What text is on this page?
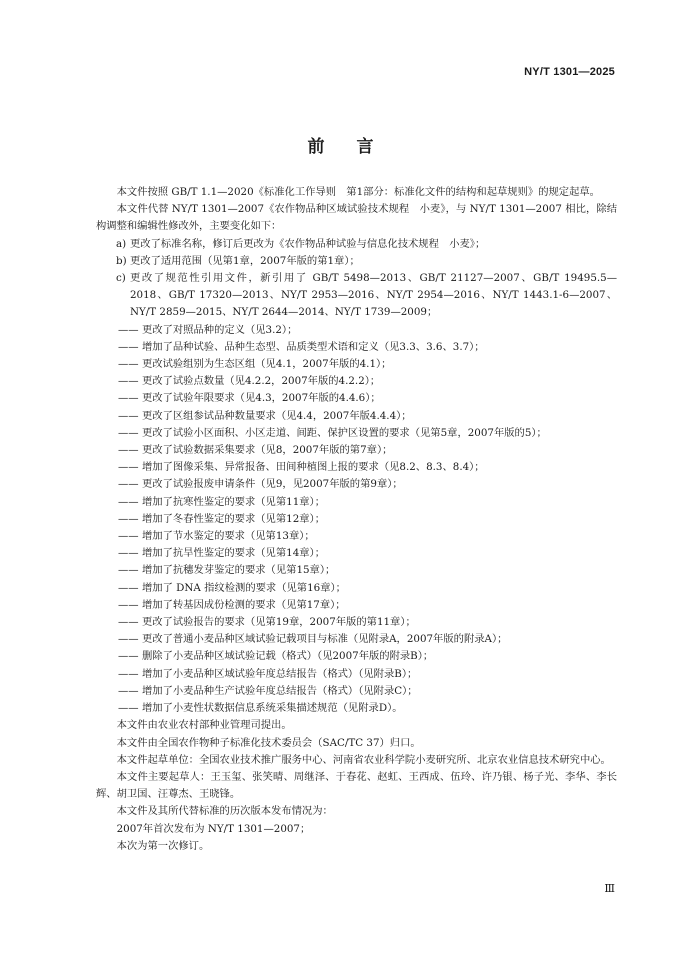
NY/T 1301—2025
前言

本文件按照 GB/T 1.1—2020《标准化工作导则　第1部分：标准化文件的结构和起草规则》的规定起草。

本文件代替 NY/T 1301—2007《农作物品种区域试验技术规程　小麦》，与 NY/T 1301—2007 相比，除结构调整和编辑性修改外，主要变化如下：

a) 更改了标准名称，修订后更改为《农作物品种试验与信息化技术规程　小麦》；

b) 更改了适用范围（见第1章，2007年版的第1章）；

c) 更改了规范性引用文件，新引用了 GB/T 5498—2013、GB/T 21127—2007、GB/T 19495.5—2018、GB/T 17320—2013、NY/T 2953—2016、NY/T 2954—2016、NY/T 1443.1-6—2007、NY/T 2859—2015、NY/T 2644—2014、NY/T 1739—2009；

—— 更改了对照品种的定义（见3.2）；

—— 增加了品种试验、品种生态型、品质类型术语和定义（见3.3、3.6、3.7）；

—— 更改试验组别为生态区组（见4.1，2007年版的4.1）；

—— 更改了试验点数量（见4.2.2，2007年版的4.2.2）；

—— 更改了试验年限要求（见4.3，2007年版的4.4.6）；

—— 更改了区组参试品种数量要求（见4.4，2007年版4.4.4）；

—— 更改了试验小区面积、小区走道、间距、保护区设置的要求（见第5章，2007年版的5）；

—— 更改了试验数据采集要求（见8，2007年版的第7章）；

—— 增加了图像采集、异常报备、田间种植图上报的要求（见8.2、8.3、8.4）；

—— 更改了试验报废申请条件（见9，见2007年版的第9章）；

—— 增加了抗寒性鉴定的要求（见第11章）；

—— 增加了冬春性鉴定的要求（见第12章）；

—— 增加了节水鉴定的要求（见第13章）；

—— 增加了抗旱性鉴定的要求（见第14章）；

—— 增加了抗穗发芽鉴定的要求（见第15章）；

—— 增加了 DNA 指纹检测的要求（见第16章）；

—— 增加了转基因成份检测的要求（见第17章）；

—— 更改了试验报告的要求（见第19章，2007年版的第11章）；

—— 更改了普通小麦品种区域试验记载项目与标准（见附录A，2007年版的附录A）；

—— 删除了小麦品种区域试验记载（格式）（见2007年版的附录B）；

—— 增加了小麦品种区域试验年度总结报告（格式）（见附录B）；

—— 增加了小麦品种生产试验年度总结报告（格式）（见附录C）；

—— 增加了小麦性状数据信息系统采集描述规范（见附录D）。

本文件由农业农村部种业管理司提出。

本文件由全国农作物种子标准化技术委员会（SAC/TC 37）归口。

本文件起草单位：全国农业技术推广服务中心、河南省农业科学院小麦研究所、北京农业信息技术研究中心。

本文件主要起草人：王玉玺、张笑晴、周继泽、于春花、赵虹、王西成、伍玲、许乃银、杨子光、李华、李长辉、胡卫国、汪尊杰、王晓锋。

本文件及其所代替标准的历次版本发布情况为：

2007年首次发布为 NY/T 1301—2007；

本次为第一次修订。

Ⅲ
